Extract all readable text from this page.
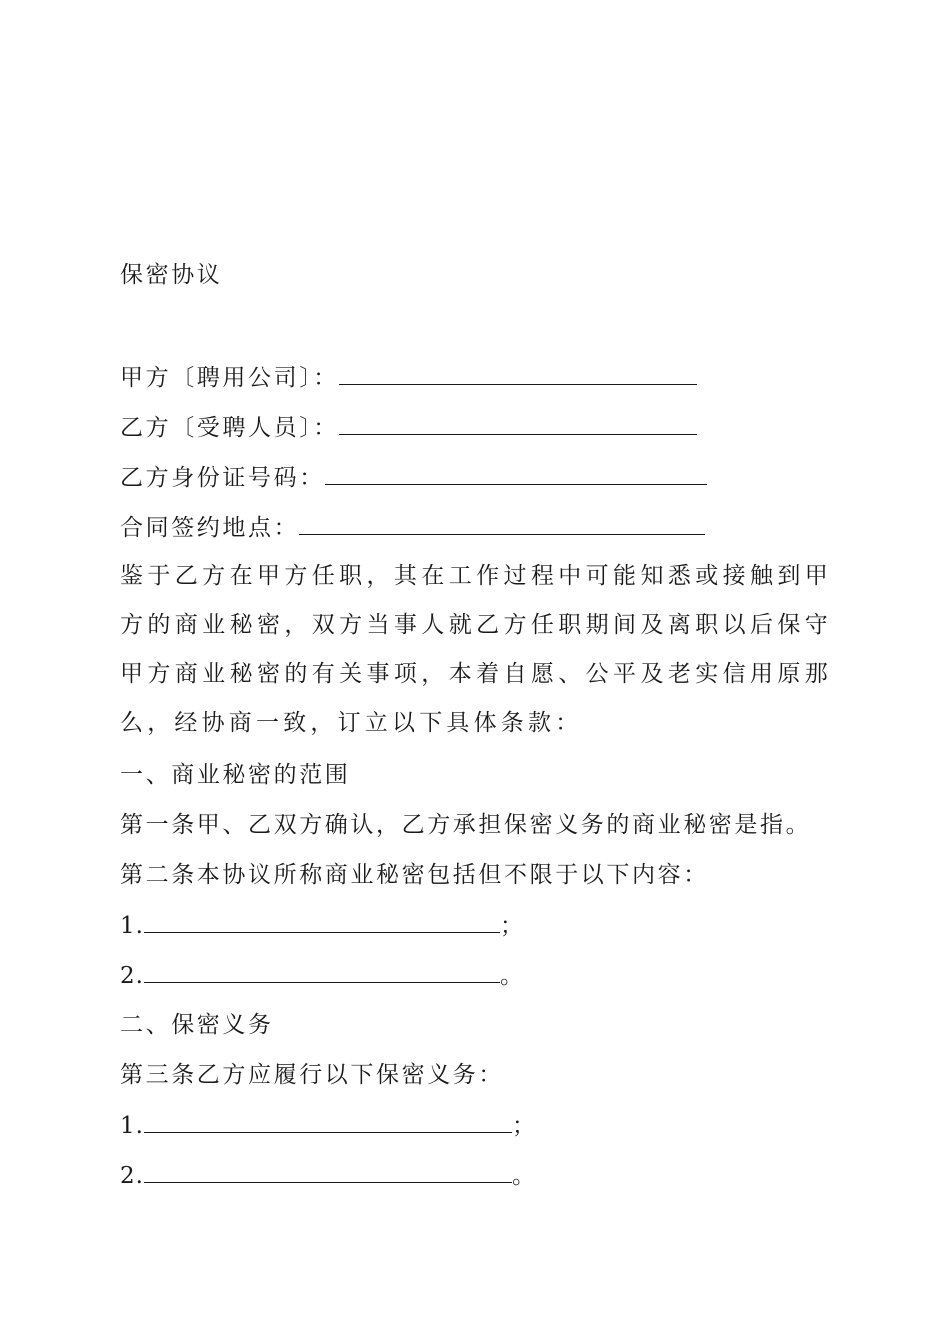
保密协议
甲方〔聘用公司〕：
乙方〔受聘人员〕：
乙方身份证号码：
合同签约地点：
鉴于乙方在甲方任职，其在工作过程中可能知悉或接触到甲方的商业秘密，双方当事人就乙方任职期间及离职以后保守甲方商业秘密的有关事项，本着自愿、公平及老实信用原那么，经协商一致，订立以下具体条款：
一、商业秘密的范围
第一条甲、乙双方确认，乙方承担保密义务的商业秘密是指。
第二条本协议所称商业秘密包括但不限于以下内容：
1.	；
2.	。
二、保密义务
第三条乙方应履行以下保密义务：
1.	；
2.	。
